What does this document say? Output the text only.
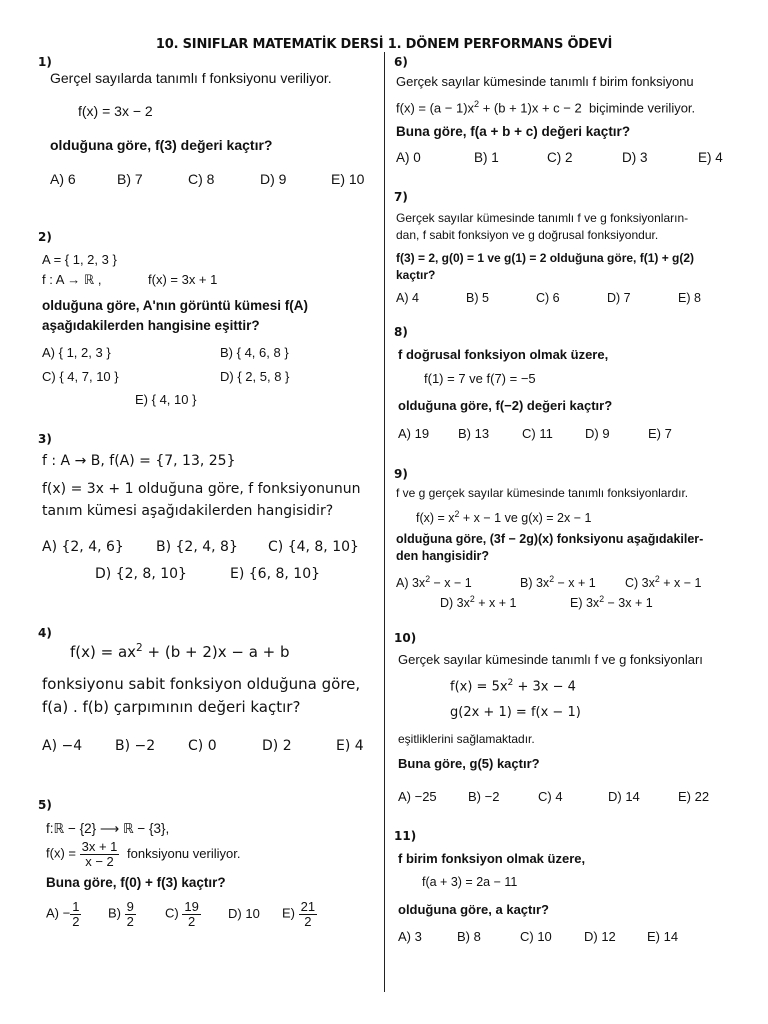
10. SINIFLAR MATEMATİK DERSİ 1. DÖNEM PERFORMANS ÖDEVİ
1)
Gerçel sayılarda tanımlı f fonksiyonu veriliyor.
f(x) = 3x − 2
olduğuna göre, f(3) değeri kaçtır?
A) 6	B) 7	C) 8	D) 9	E) 10
2)
A = { 1, 2, 3 }
f : A → ℝ ,	f(x) = 3x + 1
olduğuna göre, A'nın görüntü kümesi f(A)
aşağıdakilerden hangisine eşittir?
A) { 1, 2, 3 }	B) { 4, 6, 8 }
C) { 4, 7, 10 }	D) { 2, 5, 8 }
E) { 4, 10 }
3)
f : A → B, f(A) = {7, 13, 25}
f(x) = 3x + 1 olduğuna göre, f fonksiyonunun
tanım kümesi aşağıdakilerden hangisidir?
A) {2, 4, 6} B) {2, 4, 8} C) {4, 8, 10}
D) {2, 8, 10}	E) {6, 8, 10}
4)
$f(x) = ax^2 + (b + 2)x - a + b$
fonksiyonu sabit fonksiyon olduğuna göre,
f(a) . f(b) çarpımının değeri kaçtır?
A) −4 B) −2 C) 0	D) 2	E) 4
5)
f:ℝ − {2} ⟶ ℝ − {3},
$f(x) = \frac{3x + 1}{x - 2}$ fonksiyonu veriliyor.
Buna göre, f(0) + f(3) kaçtır?
$A) - \frac{1}{2} B) \frac{9}{2} C) \frac{19}{2} D$) 10 $E) \frac{21}{2}$
6)
Gerçek sayılar kümesinde tanımlı f birim fonksiyonu
$f(x) = (a - 1)x^2 + (b + 1)x + c - 2$ biçiminde veriliyor.
Buna göre, f(a + b + c) değeri kaçtır?
A) 0	B) 1	C) 2	D) 3	E) 4
7)
Gerçek sayılar kümesinde tanımlı f ve g fonksiyonların-
dan, f sabit fonksiyon ve g doğrusal fonksiyondur.
f(3) = 2, g(0) = 1 ve g(1) = 2 olduğuna göre, f(1) + g(2)
kaçtır?
A) 4	B) 5	C) 6	D) 7	E) 8
8)
f doğrusal fonksiyon olmak üzere,
f(1) = 7 ve f(7) = −5
olduğuna göre, f(−2) değeri kaçtır?
A) 19 B) 13	C) 11 D) 9	E) 7
9)
f ve g gerçek sayılar kümesinde tanımlı fonksiyonlardır.
$f(x) = x^2 + x - 1$ ve g(x) = 2x − 1
olduğuna göre, (3f − 2g)(x) fonksiyonu aşağıdakiler-
den hangisidir?
A) $3x^2 - x - 1$	B) $3x^2 - x + 1$ C) $3x^2 + x - 1$
D) $3x^2 + x + 1$	E) $3x^2 - 3x + 1$
10)
Gerçek sayılar kümesinde tanımlı f ve g fonksiyonları
$f(x) = 5x^2 + 3x - 4$
g(2x + 1) = f(x − 1)
eşitliklerini sağlamaktadır.
Buna göre, g(5) kaçtır?
A) −25 B) −2	C) 4	D) 14	E) 22
11)
f birim fonksiyon olmak üzere,
f(a + 3) = 2a − 11
olduğuna göre, a kaçtır?
A) 3	B) 8	C) 10 D) 12 E) 14
